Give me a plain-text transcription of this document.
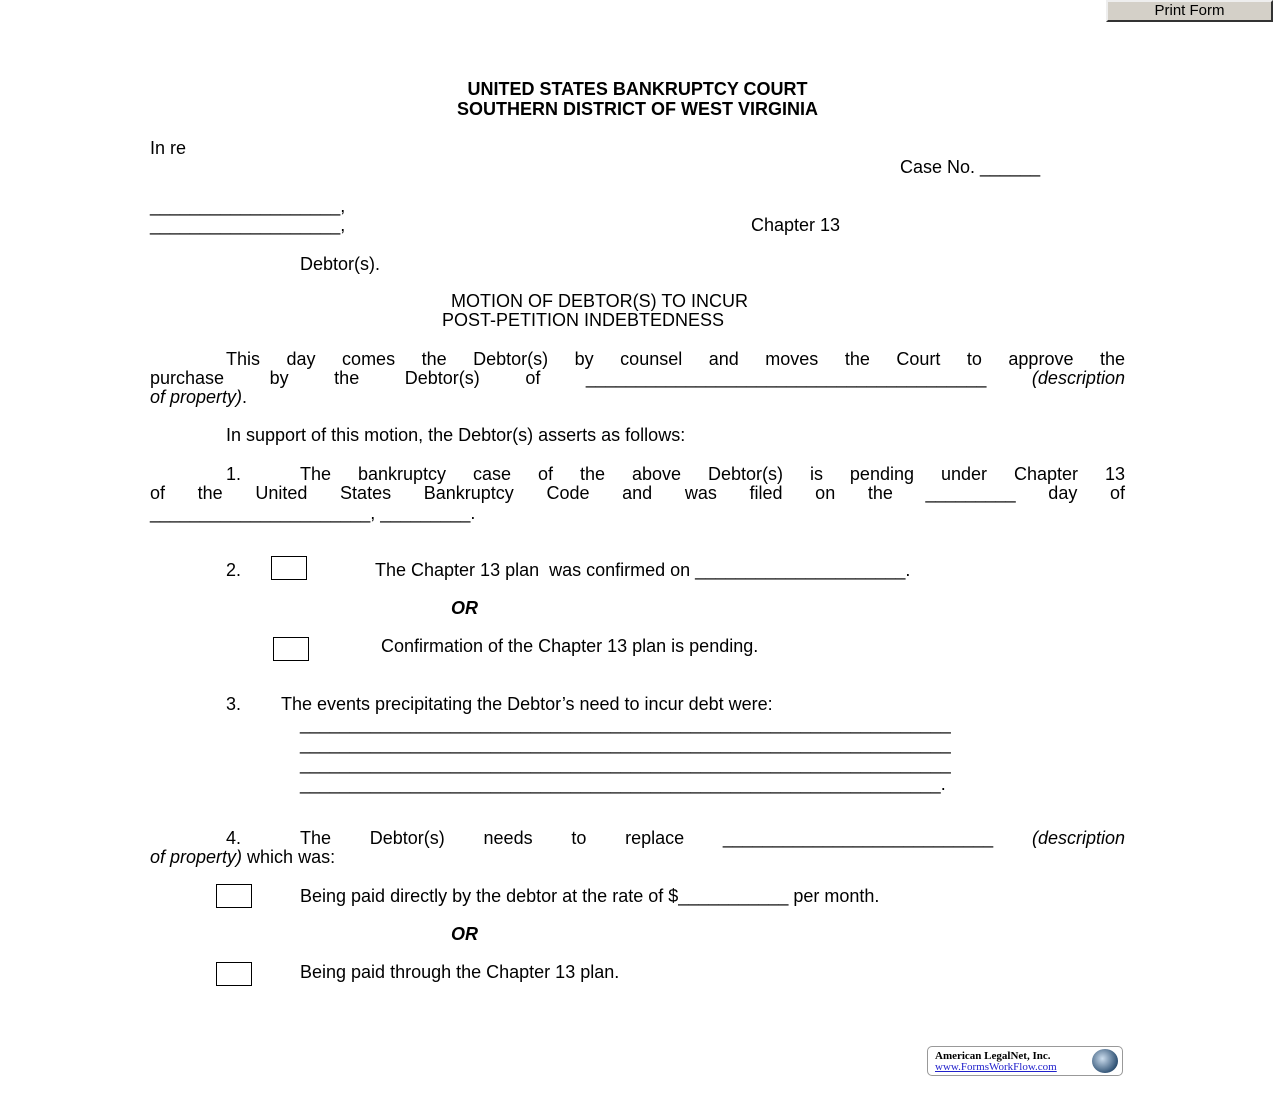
Print Form
UNITED STATES BANKRUPTCY COURT
SOUTHERN DISTRICT OF WEST VIRGINIA
In re
Case No. ______
___________________,
___________________,	Chapter 13
Debtor(s).
MOTION OF DEBTOR(S) TO INCUR
POST-PETITION INDEBTEDNESS
This day comes the Debtor(s) by counsel and moves the Court to approve the
purchase by the Debtor(s) of	________________________________________	(description
of property).
In support of this motion, the Debtor(s) asserts as follows:
1.	The bankruptcy case of the above Debtor(s) is pending under Chapter 13
of the United States Bankruptcy Code and was filed on the _________ day of
______________________, _________.
2.	The Chapter 13 plan  was confirmed on _____________________.
OR
Confirmation of the Chapter 13 plan is pending.
3. The events precipitating the Debtor’s need to incur debt were:
_________________________________________________________________
_________________________________________________________________
_________________________________________________________________
________________________________________________________________.
4.	The Debtor(s) needs to replace ___________________________ (description
of property) which was:
Being paid directly by the debtor at the rate of $___________ per month.
OR
Being paid through the Chapter 13 plan.
American LegalNet, Inc.
www.FormsWorkFlow.com
